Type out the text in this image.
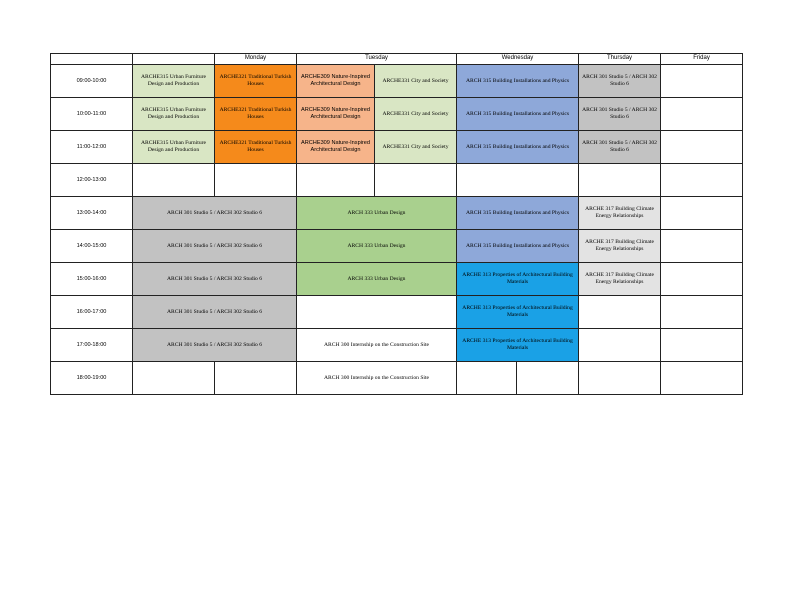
		Monday	Tuesday		Wednesday		Thursday	Friday
09:00-10:00	ARCHE315 Urban Furniture Design and Production	ARCHE321 Traditional Turkish Houses	ARCHE309 Nature-Inspired Architectural Design	ARCHE331 City and Society	ARCH 315 Building Installations and Physics		ARCH 301 Studio 5 / ARCH 302 Studio 6	
10:00-11:00	ARCHE315 Urban Furniture Design and Production	ARCHE321 Traditional Turkish Houses	ARCHE309 Nature-Inspired Architectural Design	ARCHE331 City and Society	ARCH 315 Building Installations and Physics		ARCH 301 Studio 5 / ARCH 302 Studio 6	
11:00-12:00	ARCHE315 Urban Furniture Design and Production	ARCHE321 Traditional Turkish Houses	ARCHE309 Nature-Inspired Architectural Design	ARCHE331 City and Society	ARCH 315 Building Installations and Physics		ARCH 301 Studio 5 / ARCH 302 Studio 6	
12:00-13:00								
13:00-14:00	ARCH 301 Studio 5 / ARCH 302 Studio 6		ARCH 333 Urban Design		ARCH 315 Building Installations and Physics		ARCHE 317 Building Climate Energy Relationships	
14:00-15:00	ARCH 301 Studio 5 / ARCH 302 Studio 6		ARCH 333 Urban Design		ARCH 315 Building Installations and Physics		ARCHE 317 Building Climate Energy Relationships	
15:00-16:00	ARCH 301 Studio 5 / ARCH 302 Studio 6		ARCH 333 Urban Design		ARCHE 313 Properties of Architectural Building Materials		ARCHE 317 Building Climate Energy Relationships	
16:00-17:00	ARCH 301 Studio 5 / ARCH 302 Studio 6				ARCHE 313 Properties of Architectural Building Materials			
17:00-18:00	ARCH 301 Studio 5 / ARCH 302 Studio 6		ARCH 300 Internship on the Construction Site		ARCHE 313 Properties of Architectural Building Materials			
18:00-19:00			ARCH 300 Internship on the Construction Site					
